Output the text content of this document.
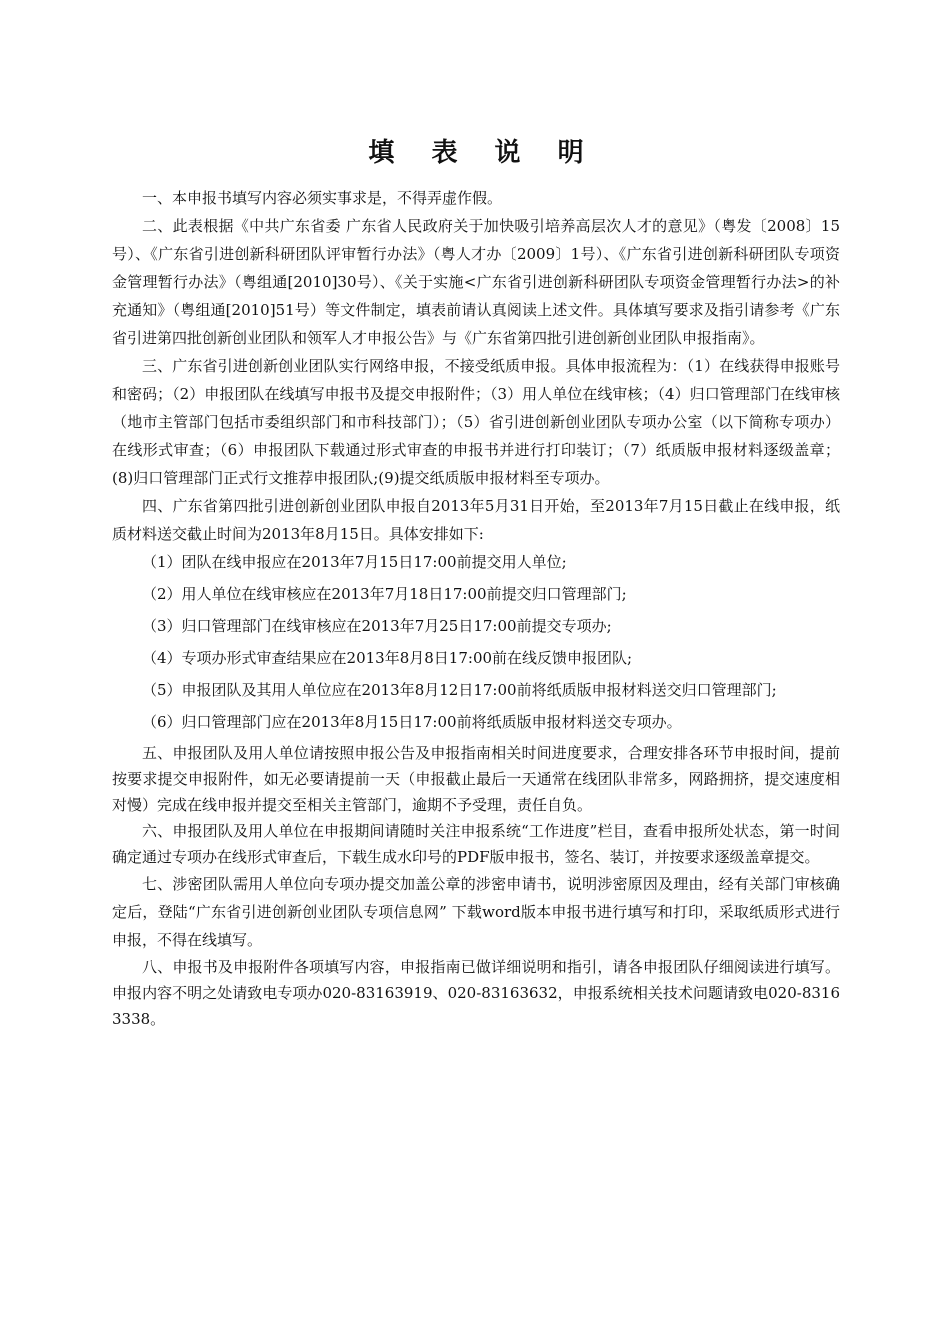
填 表 说 明

一、本申报书填写内容必须实事求是，不得弄虚作假。

二、此表根据《中共广东省委 广东省人民政府关于加快吸引培养高层次人才的意见》（粤发〔2008〕15号）、《广东省引进创新科研团队评审暂行办法》（粤人才办〔2009〕1号）、《广东省引进创新科研团队专项资金管理暂行办法》（粤组通[2010]30号）、《关于实施<广东省引进创新科研团队专项资金管理暂行办法>的补充通知》（粤组通[2010]51号）等文件制定，填表前请认真阅读上述文件。具体填写要求及指引请参考《广东省引进第四批创新创业团队和领军人才申报公告》与《广东省第四批引进创新创业团队申报指南》。

三、广东省引进创新创业团队实行网络申报，不接受纸质申报。具体申报流程为：（1）在线获得申报账号和密码；（2）申报团队在线填写申报书及提交申报附件；（3）用人单位在线审核；（4）归口管理部门在线审核（地市主管部门包括市委组织部门和市科技部门）；（5）省引进创新创业团队专项办公室（以下简称专项办）在线形式审查；（6）申报团队下载通过形式审查的申报书并进行打印装订；（7）纸质版申报材料逐级盖章；(8)归口管理部门正式行文推荐申报团队;(9)提交纸质版申报材料至专项办。

四、广东省第四批引进创新创业团队申报自2013年5月31日开始，至2013年7月15日截止在线申报，纸质材料送交截止时间为2013年8月15日。具体安排如下:

（1）团队在线申报应在2013年7月15日17:00前提交用人单位;
（2）用人单位在线审核应在2013年7月18日17:00前提交归口管理部门;
（3）归口管理部门在线审核应在2013年7月25日17:00前提交专项办;
（4）专项办形式审查结果应在2013年8月8日17:00前在线反馈申报团队;
（5）申报团队及其用人单位应在2013年8月12日17:00前将纸质版申报材料送交归口管理部门;
（6）归口管理部门应在2013年8月15日17:00前将纸质版申报材料送交专项办。

五、申报团队及用人单位请按照申报公告及申报指南相关时间进度要求，合理安排各环节申报时间，提前按要求提交申报附件，如无必要请提前一天（申报截止最后一天通常在线团队非常多，网路拥挤，提交速度相对慢）完成在线申报并提交至相关主管部门，逾期不予受理，责任自负。

六、申报团队及用人单位在申报期间请随时关注申报系统“工作进度”栏目，查看申报所处状态，第一时间确定通过专项办在线形式审查后，下载生成水印号的PDF版申报书，签名、装订，并按要求逐级盖章提交。

七、涉密团队需用人单位向专项办提交加盖公章的涉密申请书，说明涉密原因及理由，经有关部门审核确定后，登陆“广东省引进创新创业团队专项信息网” 下载word版本申报书进行填写和打印，采取纸质形式进行申报，不得在线填写。

八、申报书及申报附件各项填写内容，申报指南已做详细说明和指引，请各申报团队仔细阅读进行填写。申报内容不明之处请致电专项办020-83163919、020-83163632，申报系统相关技术问题请致电020-83163338。
